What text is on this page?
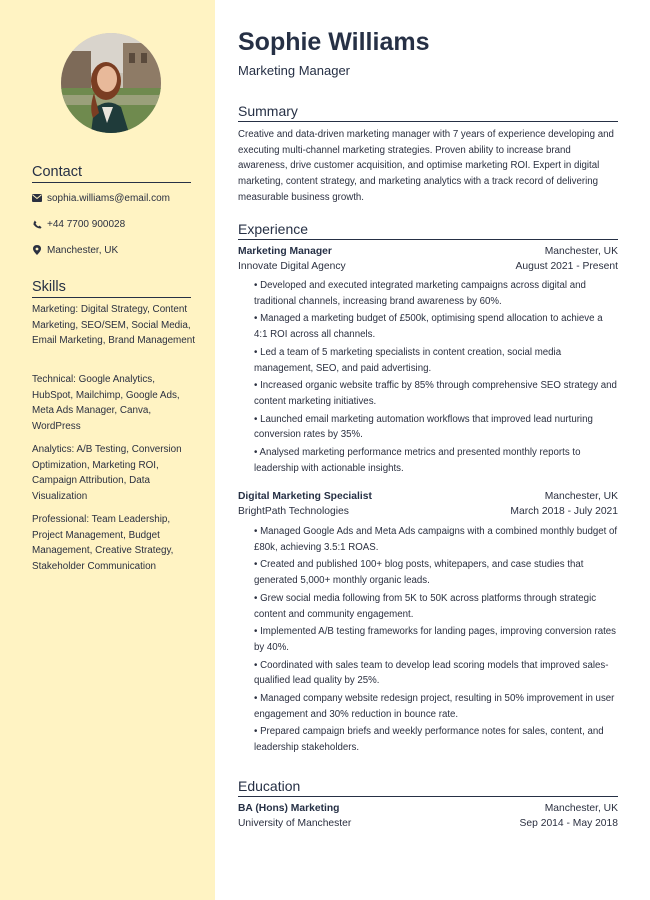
Contact
sophia.williams@email.com
+44 7700 900028
Manchester, UK
Skills
Marketing: Digital Strategy, Content Marketing, SEO/SEM, Social Media, Email Marketing, Brand Management
Technical: Google Analytics, HubSpot, Mailchimp, Google Ads, Meta Ads Manager, Canva, WordPress
Analytics: A/B Testing, Conversion Optimization, Marketing ROI, Campaign Attribution, Data Visualization
Professional: Team Leadership, Project Management, Budget Management, Creative Strategy, Stakeholder Communication
Sophie Williams
Marketing Manager
Summary
Creative and data-driven marketing manager with 7 years of experience developing and executing multi-channel marketing strategies. Proven ability to increase brand awareness, drive customer acquisition, and optimise marketing ROI. Expert in digital marketing, content strategy, and marketing analytics with a track record of delivering measurable business growth.
Experience
Marketing Manager	Manchester, UK
Innovate Digital Agency	August 2021 - Present
• Developed and executed integrated marketing campaigns across digital and traditional channels, increasing brand awareness by 60%.
• Managed a marketing budget of £500k, optimising spend allocation to achieve a 4:1 ROI across all channels.
• Led a team of 5 marketing specialists in content creation, social media management, SEO, and paid advertising.
• Increased organic website traffic by 85% through comprehensive SEO strategy and content marketing initiatives.
• Launched email marketing automation workflows that improved lead nurturing conversion rates by 35%.
• Analysed marketing performance metrics and presented monthly reports to leadership with actionable insights.
Digital Marketing Specialist	Manchester, UK
BrightPath Technologies	March 2018 - July 2021
• Managed Google Ads and Meta Ads campaigns with a combined monthly budget of £80k, achieving 3.5:1 ROAS.
• Created and published 100+ blog posts, whitepapers, and case studies that generated 5,000+ monthly organic leads.
• Grew social media following from 5K to 50K across platforms through strategic content and community engagement.
• Implemented A/B testing frameworks for landing pages, improving conversion rates by 40%.
• Coordinated with sales team to develop lead scoring models that improved sales-qualified lead quality by 25%.
• Managed company website redesign project, resulting in 50% improvement in user engagement and 30% reduction in bounce rate.
• Prepared campaign briefs and weekly performance notes for sales, content, and leadership stakeholders.
Education
BA (Hons) Marketing	Manchester, UK
University of Manchester	Sep 2014 - May 2018
